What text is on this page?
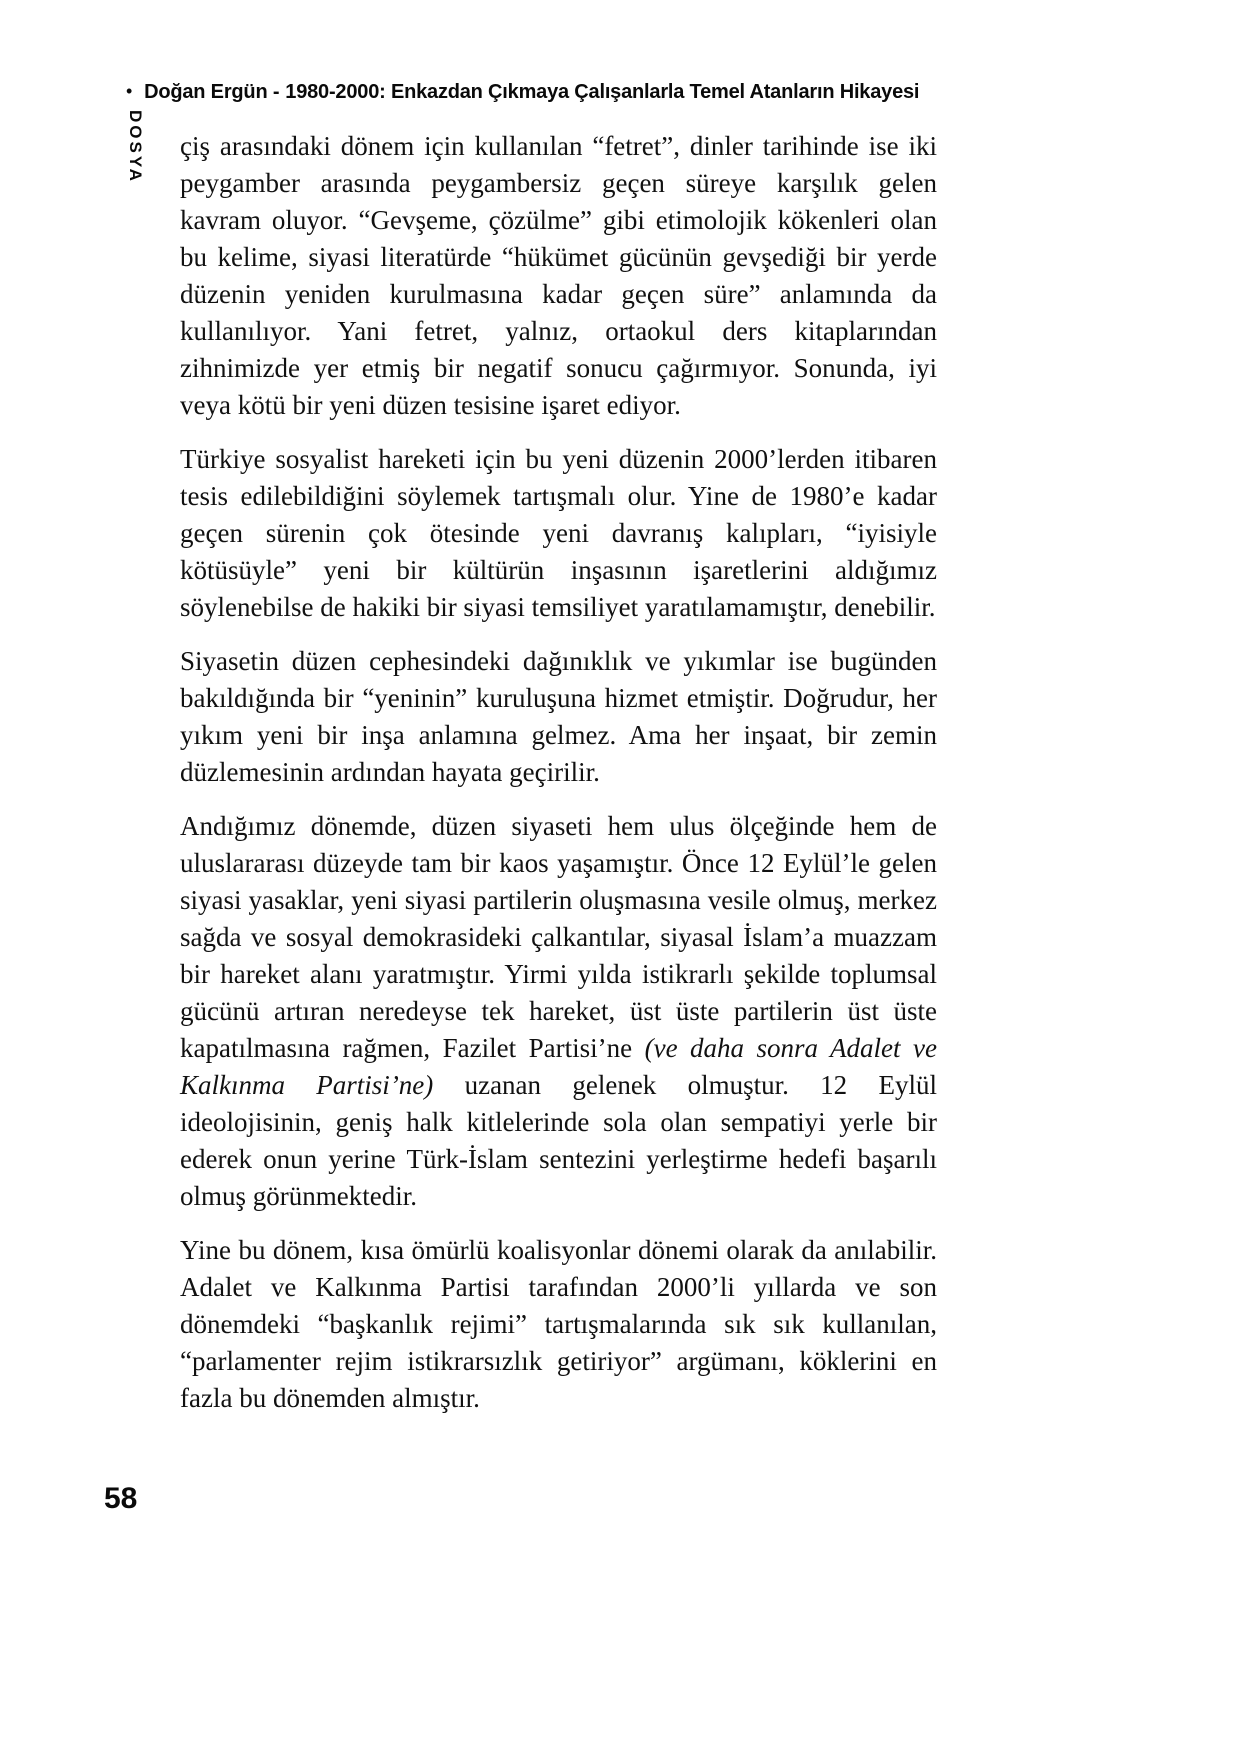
• Doğan Ergün - 1980-2000: Enkazdan Çıkmaya Çalışanlarla Temel Atanların Hikayesi
DOSYA çiş arasındaki dönem için kullanılan “fetret”, dinler tarihinde ise iki peygamber arasında peygambersiz geçen süreye karşılık gelen kavram oluyor. “Gevşeme, çözülme” gibi etimolojik kökenleri olan bu kelime, siyasi literatürde “hükümet gücünün gevşediği bir yerde düzenin yeniden kurulmasına kadar geçen süre” anlamında da kullanılıyor. Yani fetret, yalnız, ortaokul ders kitaplarından zihnimizde yer etmiş bir negatif sonucu çağırmıyor. Sonunda, iyi veya kötü bir yeni düzen tesisine işaret ediyor.

Türkiye sosyalist hareketi için bu yeni düzenin 2000’lerden itibaren tesis edilebildiğini söylemek tartışmalı olur. Yine de 1980’e kadar geçen sürenin çok ötesinde yeni davranış kalıpları, “iyisiyle kötüsüyle” yeni bir kültürün inşasının işaretlerini aldığımız söylenebilse de hakiki bir siyasi temsiliyet yaratılamamıştır, denebilir.

Siyasetin düzen cephesindeki dağınıklık ve yıkımlar ise bugünden bakıldığında bir “yeninin” kuruluşuna hizmet etmiştir. Doğrudur, her yıkım yeni bir inşa anlamına gelmez. Ama her inşaat, bir zemin düzlemesinin ardından hayata geçirilir.

Andığımız dönemde, düzen siyaseti hem ulus ölçeğinde hem de uluslararası düzeyde tam bir kaos yaşamıştır. Önce 12 Eylül’le gelen siyasi yasaklar, yeni siyasi partilerin oluşmasına vesile olmuş, merkez sağda ve sosyal demokrasideki çalkantılar, siyasal İslam’a muazzam bir hareket alanı yaratmıştır. Yirmi yılda istikrarlı şekilde toplumsal gücünü artıran neredeyse tek hareket, üst üste partilerin üst üste kapatılmasına rağmen, Fazilet Partisi’ne (ve daha sonra Adalet ve Kalkınma Partisi’ne) uzanan gelenek olmuştur. 12 Eylül ideolojisinin, geniş halk kitlelerinde sola olan sempatiyi yerle bir ederek onun yerine Türk-İslam sentezini yerleştirme hedefi başarılı olmuş görünmektedir.

Yine bu dönem, kısa ömürlü koalisyonlar dönemi olarak da anılabilir. Adalet ve Kalkınma Partisi tarafından 2000’li yıllarda ve son dönemdeki “başkanlık rejimi” tartışmalarında sık sık kullanılan, “parlamenter rejim istikrarsızlık getiriyor” argümanı, köklerini en fazla bu dönemden almıştır.

58
